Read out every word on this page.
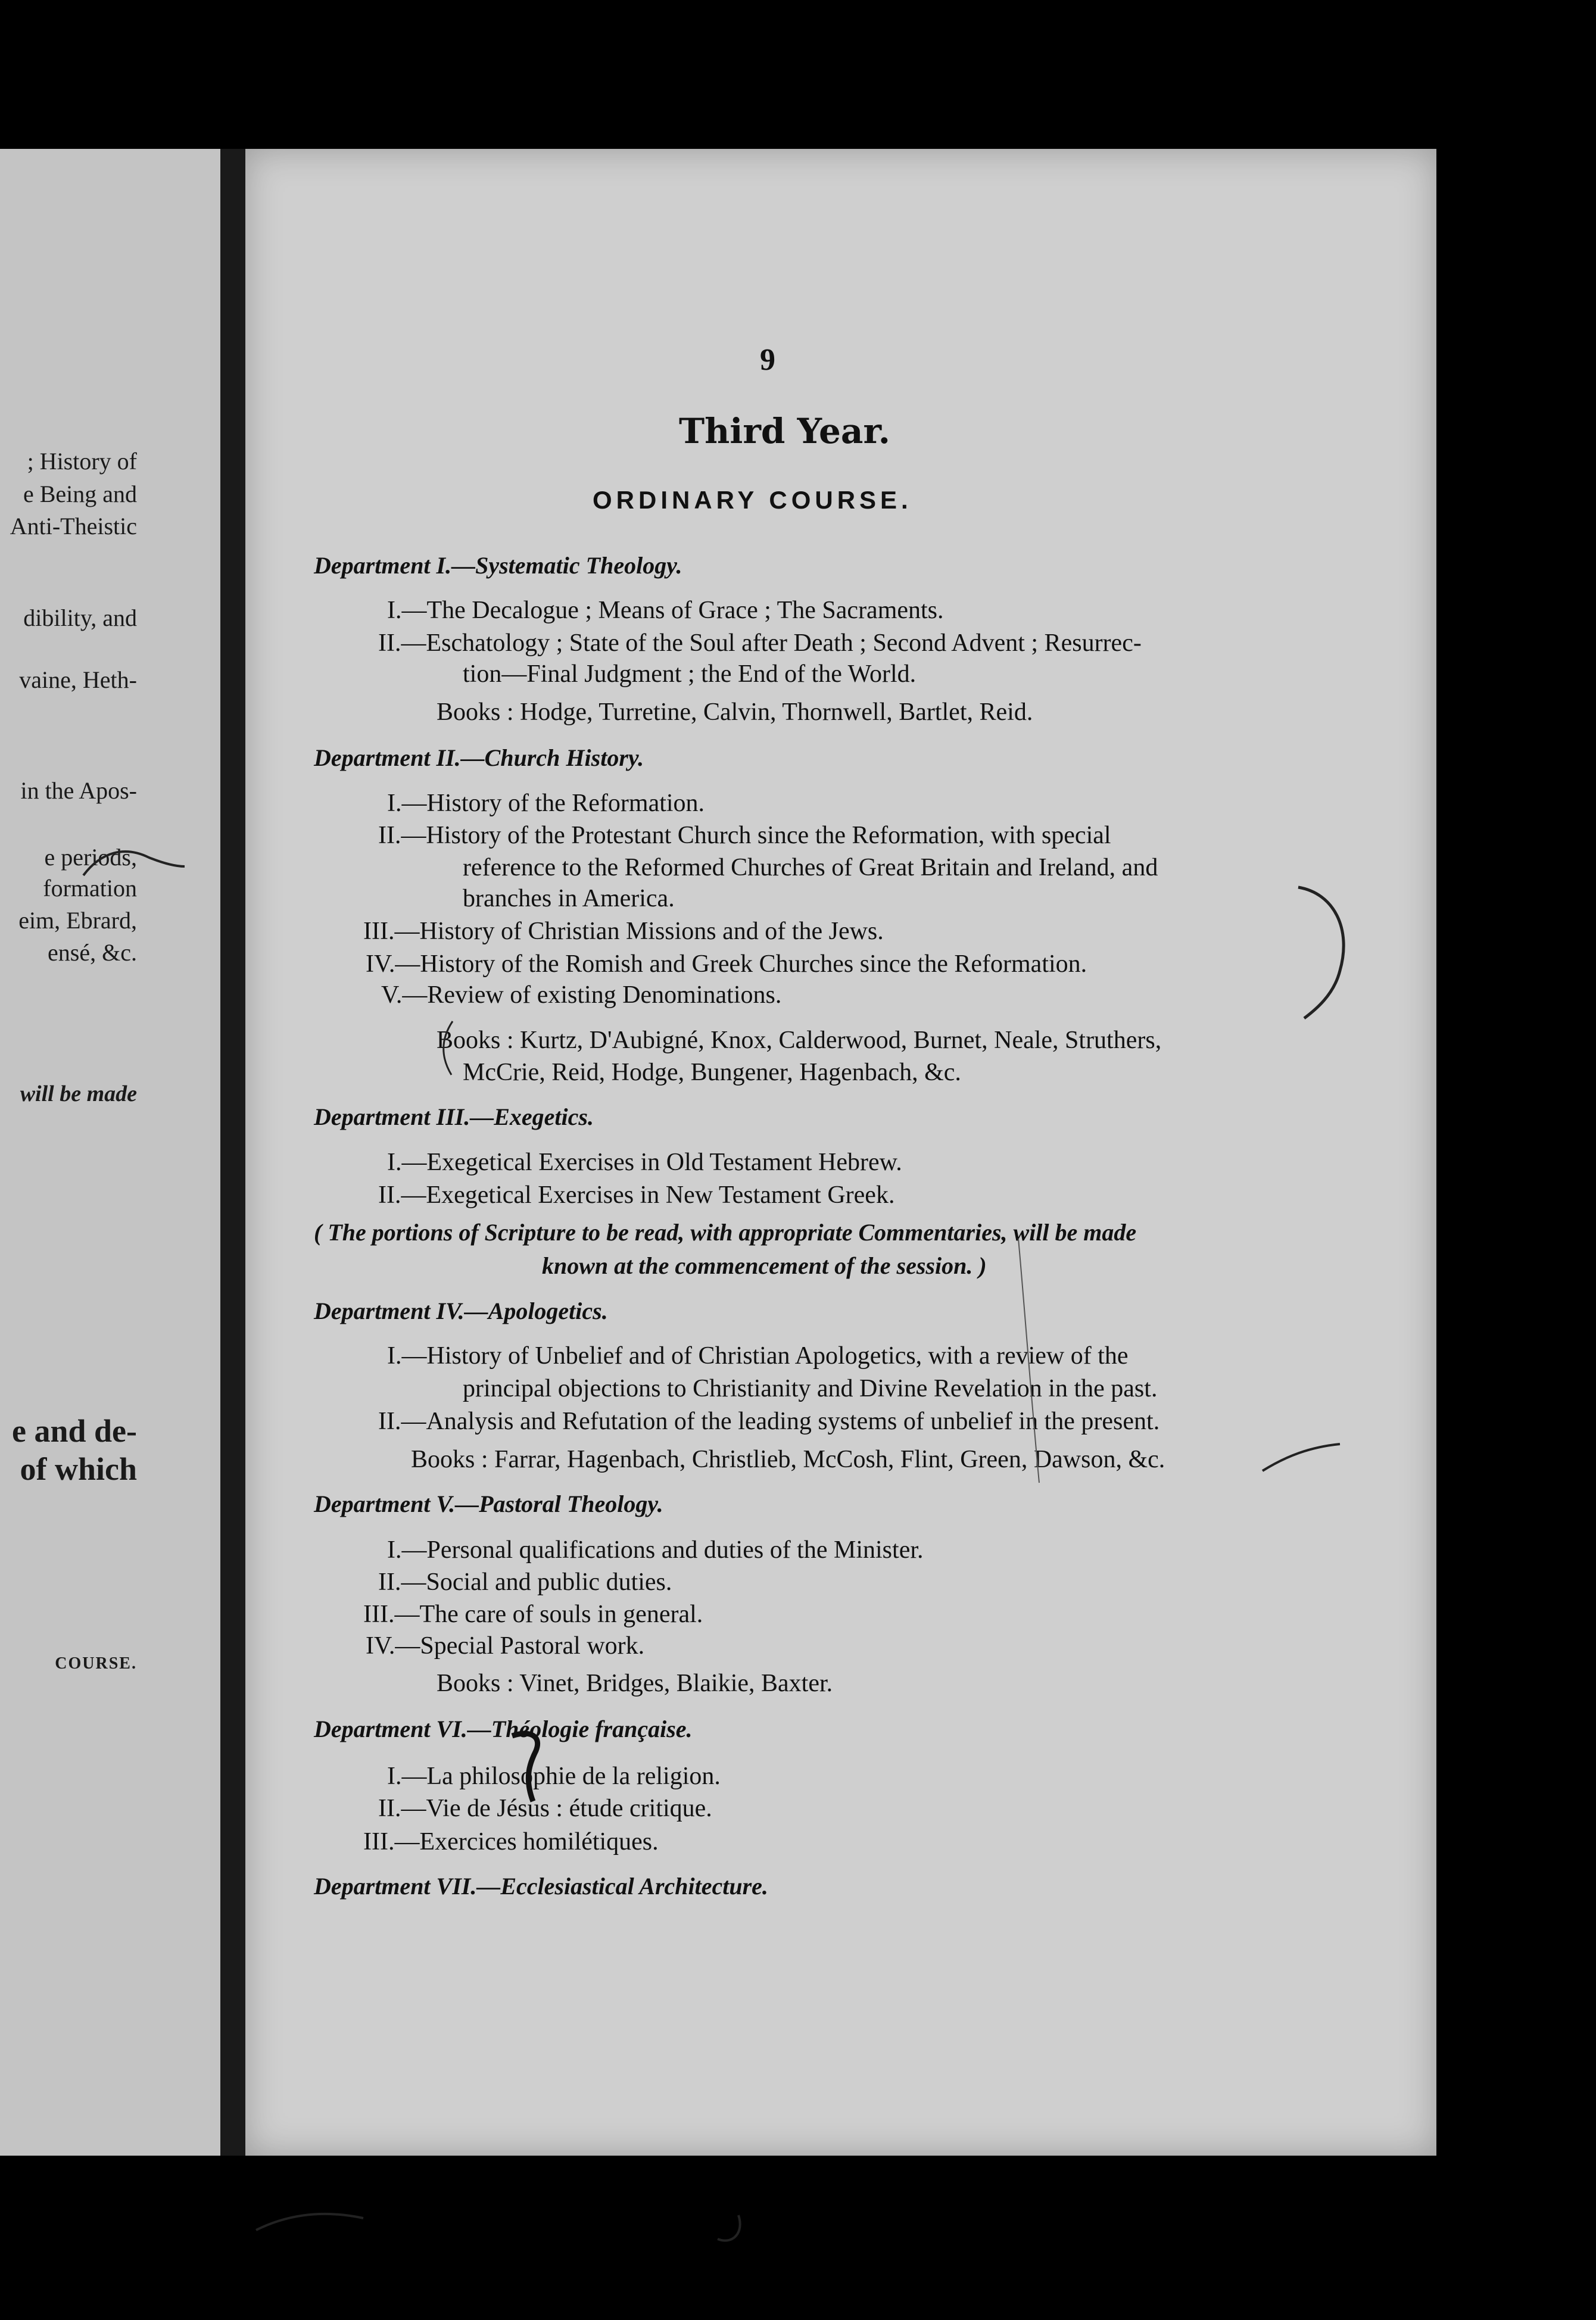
; History of
e Being and
Anti-Theistic
dibility, and
vaine, Heth-
in the Apos-
e periods,
formation
eim, Ebrard,
ensé, &c.
will be made
e and de-
of which
COURSE.
9
Third Year.
ORDINARY COURSE.
Department I.—Systematic Theology.
I.—The Decalogue ; Means of Grace ; The Sacraments.
II.—Eschatology ; State of the Soul after Death ; Second Advent ; Resurrec-
tion—Final Judgment ; the End of the World.
Books : Hodge, Turretine, Calvin, Thornwell, Bartlet, Reid.
Department II.—Church History.
I.—History of the Reformation.
II.—History of the Protestant Church since the Reformation, with special
reference to the Reformed Churches of Great Britain and Ireland, and
branches in America.
III.—History of Christian Missions and of the Jews.
IV.—History of the Romish and Greek Churches since the Reformation.
V.—Review of existing Denominations.
Books : Kurtz, D'Aubigné, Knox, Calderwood, Burnet, Neale, Struthers,
McCrie, Reid, Hodge, Bungener, Hagenbach, &c.
Department III.—Exegetics.
I.—Exegetical Exercises in Old Testament Hebrew.
II.—Exegetical Exercises in New Testament Greek.
( The portions of Scripture to be read, with appropriate Commentaries, will be made
known at the commencement of the session. )
Department IV.—Apologetics.
I.—History of Unbelief and of Christian Apologetics, with a review of the
principal objections to Christianity and Divine Revelation in the past.
II.—Analysis and Refutation of the leading systems of unbelief in the present.
Books : Farrar, Hagenbach, Christlieb, McCosh, Flint, Green, Dawson, &c.
Department V.—Pastoral Theology.
I.—Personal qualifications and duties of the Minister.
II.—Social and public duties.
III.—The care of souls in general.
IV.—Special Pastoral work.
Books : Vinet, Bridges, Blaikie, Baxter.
Department VI.—Théologie française.
I.—La philosophie de la religion.
II.—Vie de Jésus : étude critique.
III.—Exercices homilétiques.
Department VII.—Ecclesiastical Architecture.
